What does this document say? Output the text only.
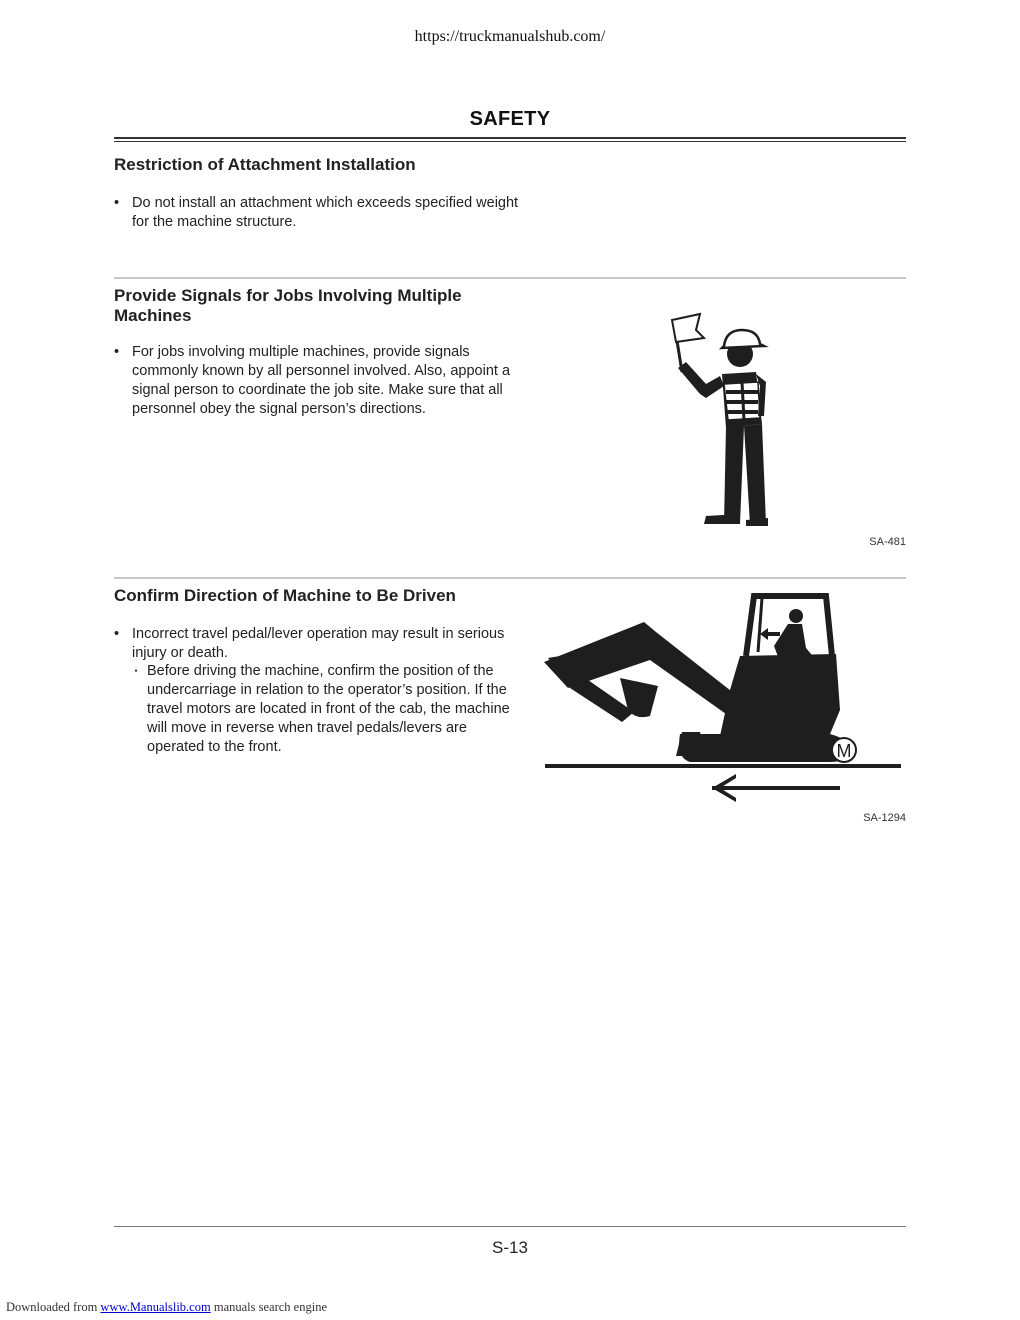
https://truckmanualshub.com/
SAFETY
Restriction of Attachment Installation
• Do not install an attachment which exceeds specified weight for the machine structure.
Provide Signals for Jobs Involving Multiple Machines
• For jobs involving multiple machines, provide signals commonly known by all personnel involved. Also, appoint a signal person to coordinate the job site. Make sure that all personnel obey the signal person’s directions.
SA-481
Confirm Direction of Machine to Be Driven
• Incorrect travel pedal/lever operation may result in serious injury or death.
・ Before driving the machine, confirm the position of the undercarriage in relation to the operator’s position. If the travel motors are located in front of the cab, the machine will move in reverse when travel pedals/levers are operated to the front.	M
SA-1294
S-13
Downloaded from www.Manualslib.com manuals search engine
